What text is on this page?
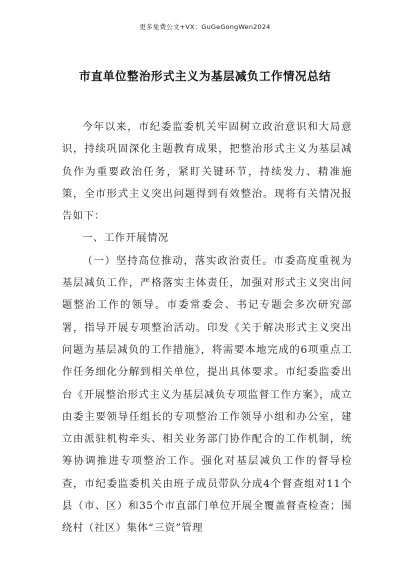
更多免费公文+VX：GuGeGongWen2024
市直单位整治形式主义为基层减负工作情况总结

今年以来，市纪委监委机关牢固树立政治意识和大局意识，持续巩固深化主题教育成果，把整治形式主义为基层减负作为重要政治任务，紧盯关键环节，持续发力、精准施策，全市形式主义突出问题得到有效整治。现将有关情况报告如下：

一、工作开展情况

（一）坚持高位推动，落实政治责任。市委高度重视为基层减负工作，严格落实主体责任，加强对形式主义突出问题整治工作的领导。市委常委会、书记专题会多次研究部署，指导开展专项整治活动。印发《关于解决形式主义突出问题为基层减负的工作措施》，将需要本地完成的6项重点工作任务细化分解到相关单位，提出具体要求。市纪委监委出台《开展整治形式主义为基层减负专项监督工作方案》，成立由委主要领导任组长的专项整治工作领导小组和办公室，建立由派驻机构牵头、相关业务部门协作配合的工作机制，统筹协调推进专项整治工作。强化对基层减负工作的督导检查，市纪委监委机关由班子成员带队分成4个督查组对11个县（市、区）和35个市直部门单位开展全覆盖督查检查；围绕村（社区）集体“三资”管理
